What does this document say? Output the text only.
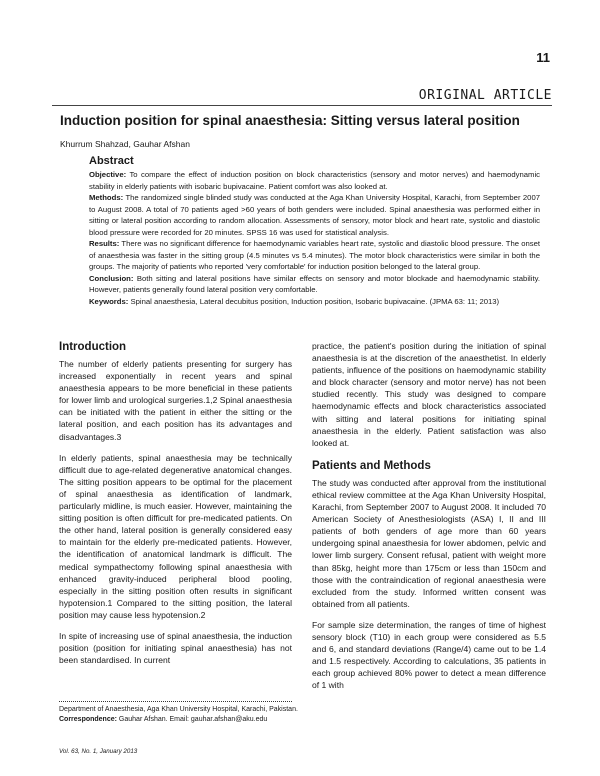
11
ORIGINAL ARTICLE
Induction position for spinal anaesthesia: Sitting versus lateral position
Khurrum Shahzad, Gauhar Afshan
Abstract

Objective: To compare the effect of induction position on block characteristics (sensory and motor nerves) and haemodynamic stability in elderly patients with isobaric bupivacaine. Patient comfort was also looked at.

Methods: The randomized single blinded study was conducted at the Aga Khan University Hospital, Karachi, from September 2007 to August 2008. A total of 70 patients aged >60 years of both genders were included. Spinal anaesthesia was performed either in sitting or lateral position according to random allocation. Assessments of sensory, motor block and heart rate, systolic and diastolic blood pressure were recorded for 20 minutes. SPSS 16 was used for statistical analysis.

Results: There was no significant difference for haemodynamic variables heart rate, systolic and diastolic blood pressure. The onset of anaesthesia was faster in the sitting group (4.5 minutes vs 5.4 minutes). The motor block characteristics were similar in both the groups. The majority of patients who reported 'very comfortable' for induction position belonged to the lateral group.

Conclusion: Both sitting and lateral positions have similar effects on sensory and motor blockade and haemodynamic stability. However, patients generally found lateral position very comfortable.

Keywords: Spinal anaesthesia, Lateral decubitus position, Induction position, Isobaric bupivacaine. (JPMA 63: 11; 2013)

Introduction

The number of elderly patients presenting for surgery has increased exponentially in recent years and spinal anaesthesia appears to be more beneficial in these patients for lower limb and urological surgeries.1,2 Spinal anaesthesia can be initiated with the patient in either the sitting or the lateral position, and each position has its advantages and disadvantages.3

In elderly patients, spinal anaesthesia may be technically difficult due to age-related degenerative anatomical changes. The sitting position appears to be optimal for the placement of spinal anaesthesia as identification of landmark, particularly midline, is much easier. However, maintaining the sitting position is often difficult for pre-medicated patients. On the other hand, lateral position is generally considered easy to maintain for the elderly pre-medicated patients. However, the identification of anatomical landmark is difficult. The medical sympathectomy following spinal anaesthesia with enhanced gravity-induced peripheral blood pooling, especially in the sitting position often results in significant hypotension.1 Compared to the sitting position, the lateral position may cause less hypotension.2

In spite of increasing use of spinal anaesthesia, the induction position (position for initiating spinal anaesthesia) has not been standardised. In current

practice, the patient's position during the initiation of spinal anaesthesia is at the discretion of the anaesthetist. In elderly patients, influence of the positions on haemodynamic stability and block character (sensory and motor nerve) has not been studied recently. This study was designed to compare haemodynamic effects and block characteristics associated with sitting and lateral positions for initiating spinal anaesthesia in the elderly. Patient satisfaction was also looked at.

Patients and Methods

The study was conducted after approval from the institutional ethical review committee at the Aga Khan University Hospital, Karachi, from September 2007 to August 2008. It included 70 American Society of Anesthesiologists (ASA) I, II and III patients of both genders of age more than 60 years undergoing spinal anaesthesia for lower abdomen, pelvic and lower limb surgery. Consent refusal, patient with weight more than 85kg, height more than 175cm or less than 150cm and those with the contraindication of regional anaesthesia were excluded from the study. Informed written consent was obtained from all patients.

For sample size determination, the ranges of time of highest sensory block (T10) in each group were considered as 5.5 and 6, and standard deviations (Range/4) came out to be 1.4 and 1.5 respectively. According to calculations, 35 patients in each group achieved 80% power to detect a mean difference of 1 with

Department of Anaesthesia, Aga Khan University Hospital, Karachi, Pakistan.
Correspondence: Gauhar Afshan. Email: gauhar.afshan@aku.edu
Vol. 63, No. 1, January 2013
